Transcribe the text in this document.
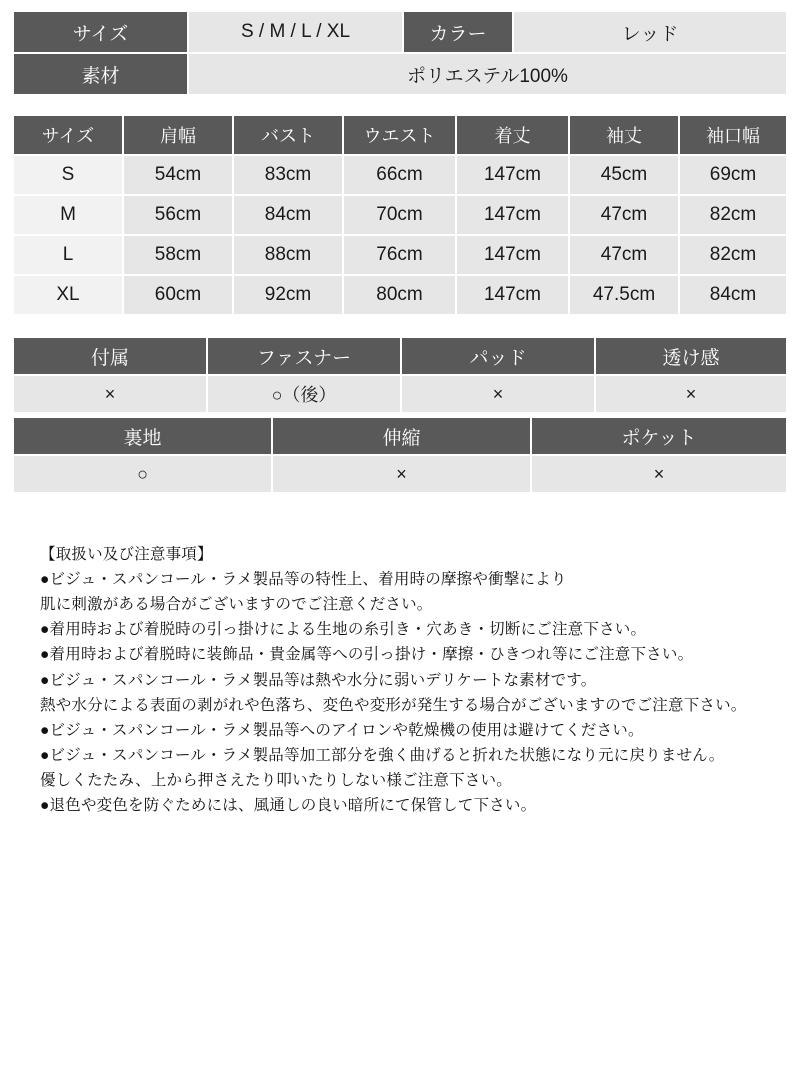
サイズ	S / M / L / XL	カラー	レッド
素材	ポリエステル100%		
サイズ	肩幅	バスト	ウエスト	着丈	袖丈	袖口幅
S	54cm	83cm	66cm	147cm	45cm	69cm
M	56cm	84cm	70cm	147cm	47cm	82cm
L	58cm	88cm	76cm	147cm	47cm	82cm
XL	60cm	92cm	80cm	147cm	47.5cm	84cm
付属	ファスナー	パッド	透け感
×	○（後）	×	×
裏地	伸縮	ポケット
○	×	×
【取扱い及び注意事項】
●ビジュ・スパンコール・ラメ製品等の特性上、着用時の摩擦や衝撃により
肌に刺激がある場合がございますのでご注意ください。
●着用時および着脱時の引っ掛けによる生地の糸引き・穴あき・切断にご注意下さい。
●着用時および着脱時に装飾品・貴金属等への引っ掛け・摩擦・ひきつれ等にご注意下さい。
●ビジュ・スパンコール・ラメ製品等は熱や水分に弱いデリケートな素材です。
熱や水分による表面の剥がれや色落ち、変色や変形が発生する場合がございますのでご注意下さい。
●ビジュ・スパンコール・ラメ製品等へのアイロンや乾燥機の使用は避けてください。
●ビジュ・スパンコール・ラメ製品等加工部分を強く曲げると折れた状態になり元に戻りません。
優しくたたみ、上から押さえたり叩いたりしない様ご注意下さい。
●退色や変色を防ぐためには、風通しの良い暗所にて保管して下さい。
